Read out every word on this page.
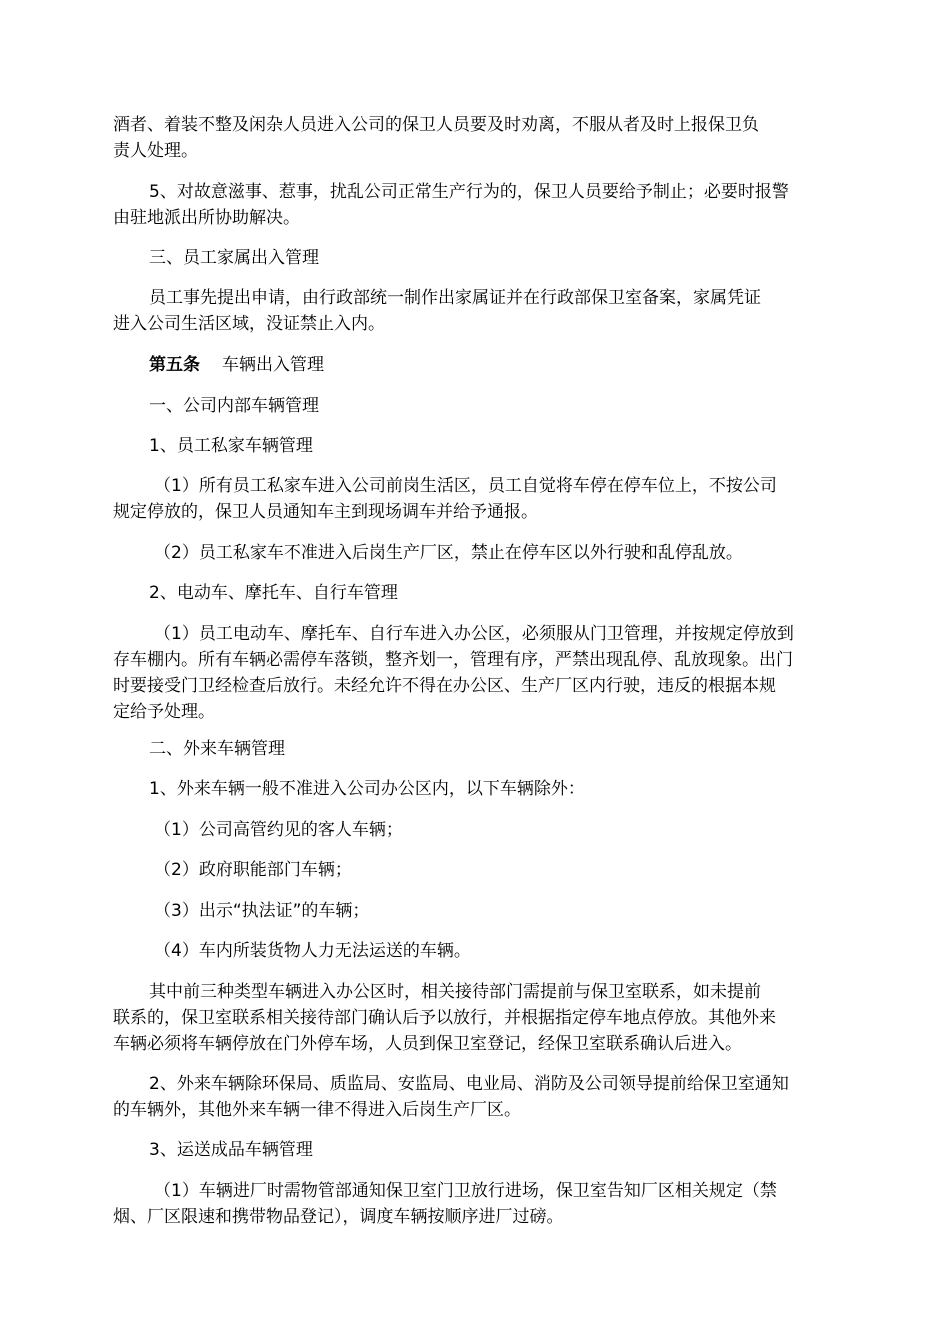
酒者、着装不整及闲杂人员进入公司的保卫人员要及时劝离，不服从者及时上报保卫负
责人处理。
5、对故意滋事、惹事，扰乱公司正常生产行为的，保卫人员要给予制止；必要时报警
由驻地派出所协助解决。
三、员工家属出入管理
员工事先提出申请，由行政部统一制作出家属证并在行政部保卫室备案，家属凭证
进入公司生活区域，没证禁止入内。
第五条 车辆出入管理
一、公司内部车辆管理
1、员工私家车辆管理
（1）所有员工私家车进入公司前岗生活区，员工自觉将车停在停车位上，不按公司
规定停放的，保卫人员通知车主到现场调车并给予通报。
（2）员工私家车不准进入后岗生产厂区，禁止在停车区以外行驶和乱停乱放。
2、电动车、摩托车、自行车管理
（1）员工电动车、摩托车、自行车进入办公区，必须服从门卫管理，并按规定停放到
存车棚内。所有车辆必需停车落锁，整齐划一，管理有序，严禁出现乱停、乱放现象。出门
时要接受门卫经检查后放行。未经允许不得在办公区、生产厂区内行驶，违反的根据本规
定给予处理。
二、外来车辆管理
1、外来车辆一般不准进入公司办公区内，以下车辆除外：
（1）公司高管约见的客人车辆；
（2）政府职能部门车辆；
（3）出示“执法证”的车辆；
（4）车内所装货物人力无法运送的车辆。
其中前三种类型车辆进入办公区时，相关接待部门需提前与保卫室联系，如未提前
联系的，保卫室联系相关接待部门确认后予以放行，并根据指定停车地点停放。其他外来
车辆必须将车辆停放在门外停车场，人员到保卫室登记，经保卫室联系确认后进入。
2、外来车辆除环保局、质监局、安监局、电业局、消防及公司领导提前给保卫室通知
的车辆外，其他外来车辆一律不得进入后岗生产厂区。
3、运送成品车辆管理
（1）车辆进厂时需物管部通知保卫室门卫放行进场，保卫室告知厂区相关规定（禁
烟、厂区限速和携带物品登记），调度车辆按顺序进厂过磅。
